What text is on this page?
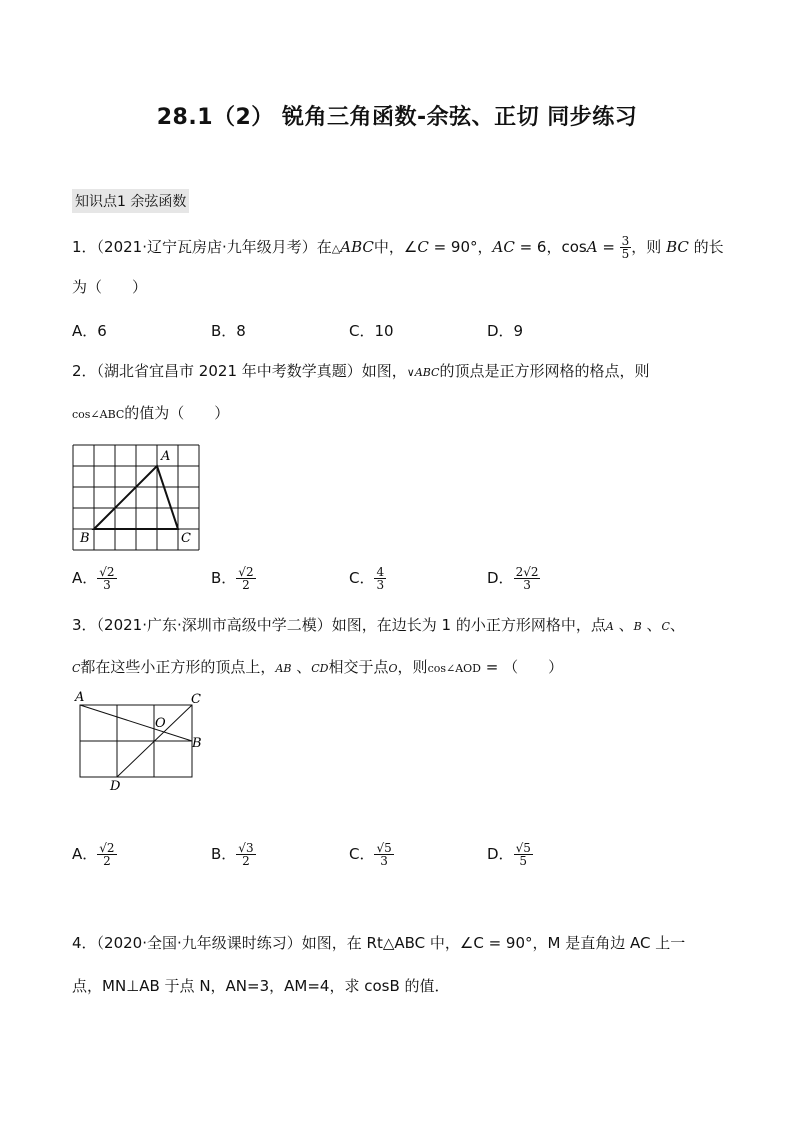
28.1（2） 锐角三角函数-余弦、正切 同步练习
知识点1 余弦函数
1．（2021·辽宁瓦房店·九年级月考）在△ABC中，∠C = 90°，AC = 6，$\cos A = \frac{3}{5}$ ，则 BC 的长
为（　　）
A．6	B．8	C．10	D．9
2．（湖北省宜昌市 2021 年中考数学真题）如图，∨ABC的顶点是正方形网格的格点，则
cos∠ABC的值为（　　）
A
B	C
A． $\frac{√2}{3}$	B． $\frac{√2}{2}$	C． $\frac{4}{3}$	D． $\frac{2√2}{3}$
3．（2021·广东·深圳市高级中学二模）如图，在边长为 1 的小正方形网格中，点A 、B 、C、
C都在这些小正方形的顶点上，AB 、CD相交于点O，则cos∠AOD = （　　）
A	C
B
O
D
A． $\frac{√2}{2}$	B． $\frac{√3}{2}$	C． $\frac{√5}{3}$	D． $\frac{√5}{5}$
4．（2020·全国·九年级课时练习）如图，在 Rt△ABC 中，∠C = 90°，M 是直角边 AC 上一
点，MN⊥AB 于点 N，AN=3，AM=4，求 cosB 的值．
